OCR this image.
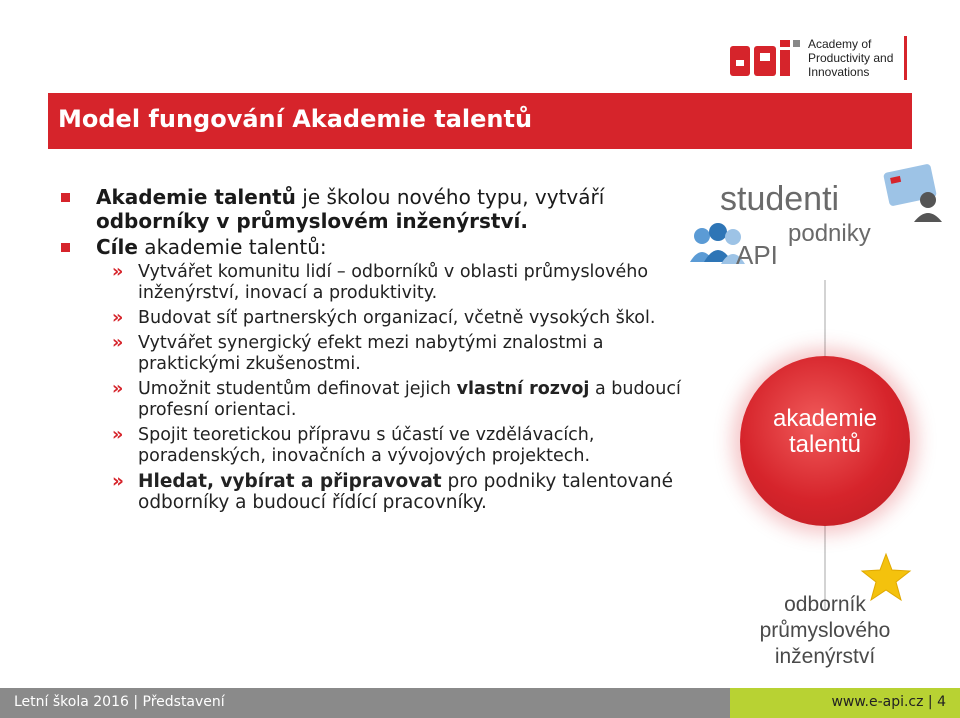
Academy of
Productivity and
Innovations
Model fungování Akademie talentů
Akademie talentů je školou nového typu, vytváří odborníky v průmyslovém inženýrství.
Cíle akademie talentů:
» Vytvářet komunitu lidí – odborníků v oblasti průmyslového inženýrství, inovací a produktivity.
» Budovat síť partnerských organizací, včetně vysokých škol.
» Vytvářet synergický efekt mezi nabytými znalostmi a praktickými zkušenostmi.
» Umožnit studentům definovat jejich vlastní rozvoj a budoucí profesní orientaci.
» Spojit teoretickou přípravu s účastí ve vzdělávacích, poradenských, inovačních a vývojových projektech.
» Hledat, vybírat a připravovat pro podniky talentované odborníky a budoucí řídící pracovníky.
studenti
podniky
API
akademie
talentů
odborník
průmyslového
inženýrství
Letní škola 2016 | Představení	www.e-api.cz | 4
